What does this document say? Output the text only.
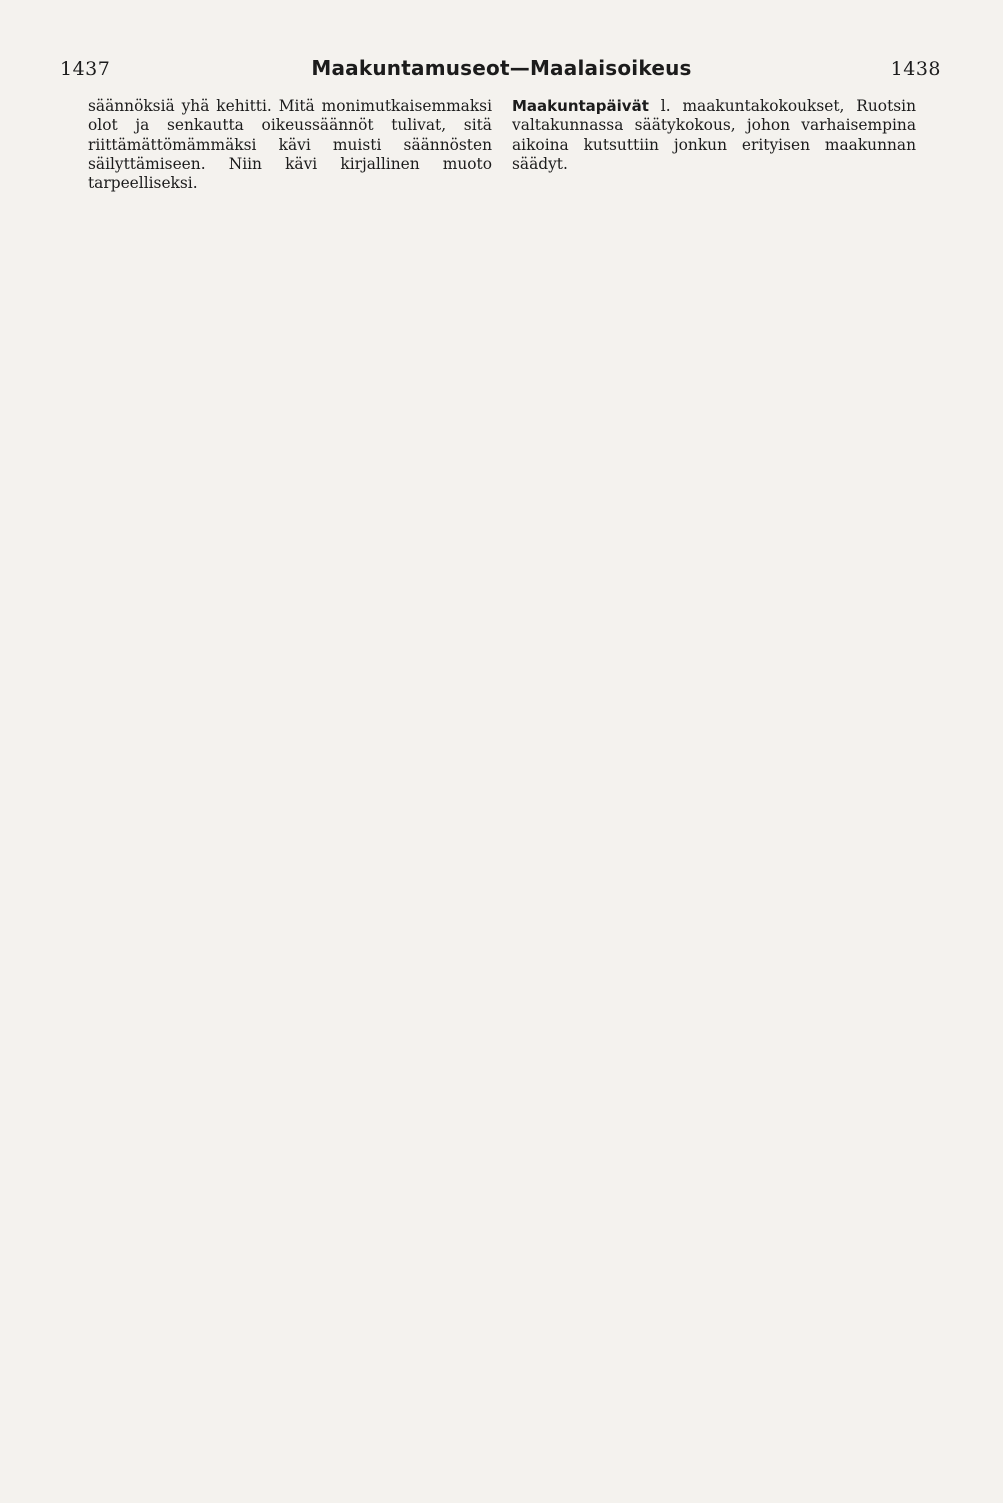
1437	Maakuntamuseot—Maalaisoikeus	1438

säännöksiä yhä kehitti. Mitä monimutkaisemmaksi olot ja senkautta oikeussäännöt tulivat, sitä riittämättömämmäksi kävi muisti säännösten säilyttämiseen. Niin kävi kirjallinen muoto tarpeelliseksi.

Maakuntapäivät l. maakuntakokoukset, Ruotsin valtakunnassa säätykokous, johon varhaisempina aikoina kutsuttiin jonkun erityisen maakunnan säädyt.
